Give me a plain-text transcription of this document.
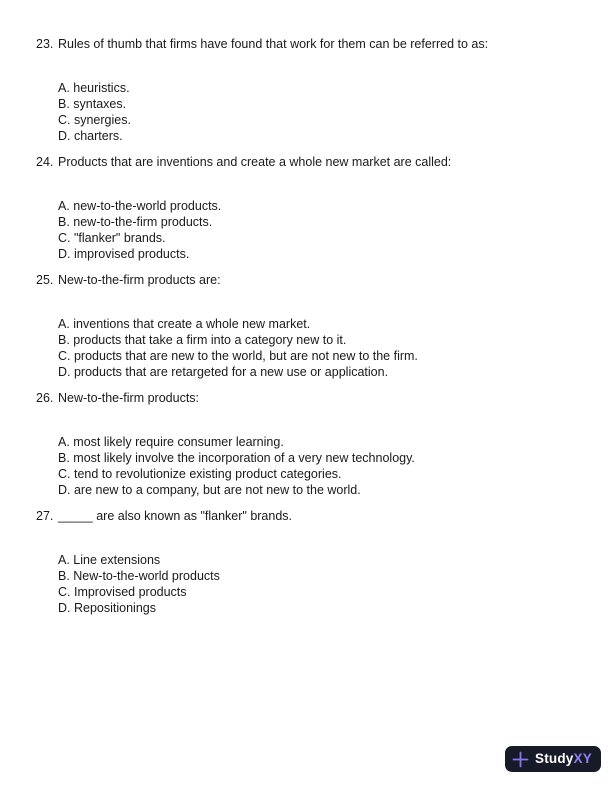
23. Rules of thumb that firms have found that work for them can be referred to as:
A. heuristics.
B. syntaxes.
C. synergies.
D. charters.
24. Products that are inventions and create a whole new market are called:
A. new-to-the-world products.
B. new-to-the-firm products.
C. "flanker" brands.
D. improvised products.
25. New-to-the-firm products are:
A. inventions that create a whole new market.
B. products that take a firm into a category new to it.
C. products that are new to the world, but are not new to the firm.
D. products that are retargeted for a new use or application.
26. New-to-the-firm products:
A. most likely require consumer learning.
B. most likely involve the incorporation of a very new technology.
C. tend to revolutionize existing product categories.
D. are new to a company, but are not new to the world.
27. _____ are also known as "flanker" brands.
A. Line extensions
B. New-to-the-world products
C. Improvised products
D. Repositionings
StudyXY
